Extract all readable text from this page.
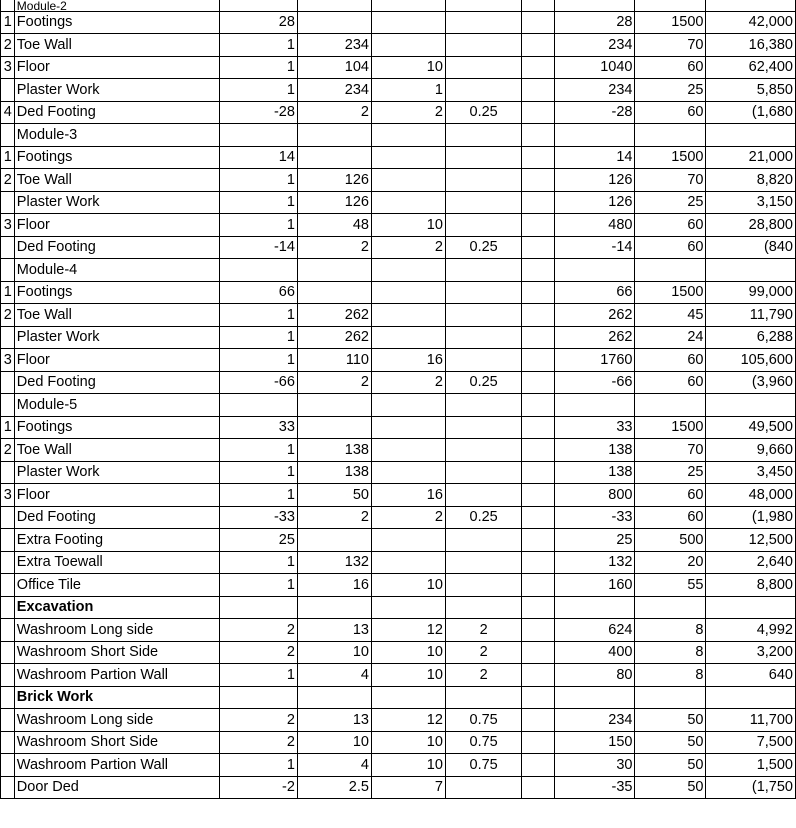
	Module-2								
1	Footings	28					28	1500	42,000
2	Toe Wall	1	234				234	70	16,380
3	Floor	1	104	10			1040	60	62,400
	Plaster Work	1	234	1			234	25	5,850
4	Ded Footing	-28	2	2	0.25		-28	60	(1,680
	Module-3								
1	Footings	14					14	1500	21,000
2	Toe Wall	1	126				126	70	8,820
	Plaster Work	1	126				126	25	3,150
3	Floor	1	48	10			480	60	28,800
	Ded Footing	-14	2	2	0.25		-14	60	(840
	Module-4								
1	Footings	66					66	1500	99,000
2	Toe Wall	1	262				262	45	11,790
	Plaster Work	1	262				262	24	6,288
3	Floor	1	110	16			1760	60	105,600
	Ded Footing	-66	2	2	0.25		-66	60	(3,960
	Module-5								
1	Footings	33					33	1500	49,500
2	Toe Wall	1	138				138	70	9,660
	Plaster Work	1	138				138	25	3,450
3	Floor	1	50	16			800	60	48,000
	Ded Footing	-33	2	2	0.25		-33	60	(1,980
	Extra Footing	25					25	500	12,500
	Extra Toewall	1	132				132	20	2,640
	Office Tile	1	16	10			160	55	8,800
	Excavation								
	Washroom Long side	2	13	12	2		624	8	4,992
	Washroom Short Side	2	10	10	2		400	8	3,200
	Washroom Partion Wall	1	4	10	2		80	8	640
	Brick Work								
	Washroom Long side	2	13	12	0.75		234	50	11,700
	Washroom Short Side	2	10	10	0.75		150	50	7,500
	Washroom Partion Wall	1	4	10	0.75		30	50	1,500
	Door Ded	-2	2.5	7			-35	50	(1,750
